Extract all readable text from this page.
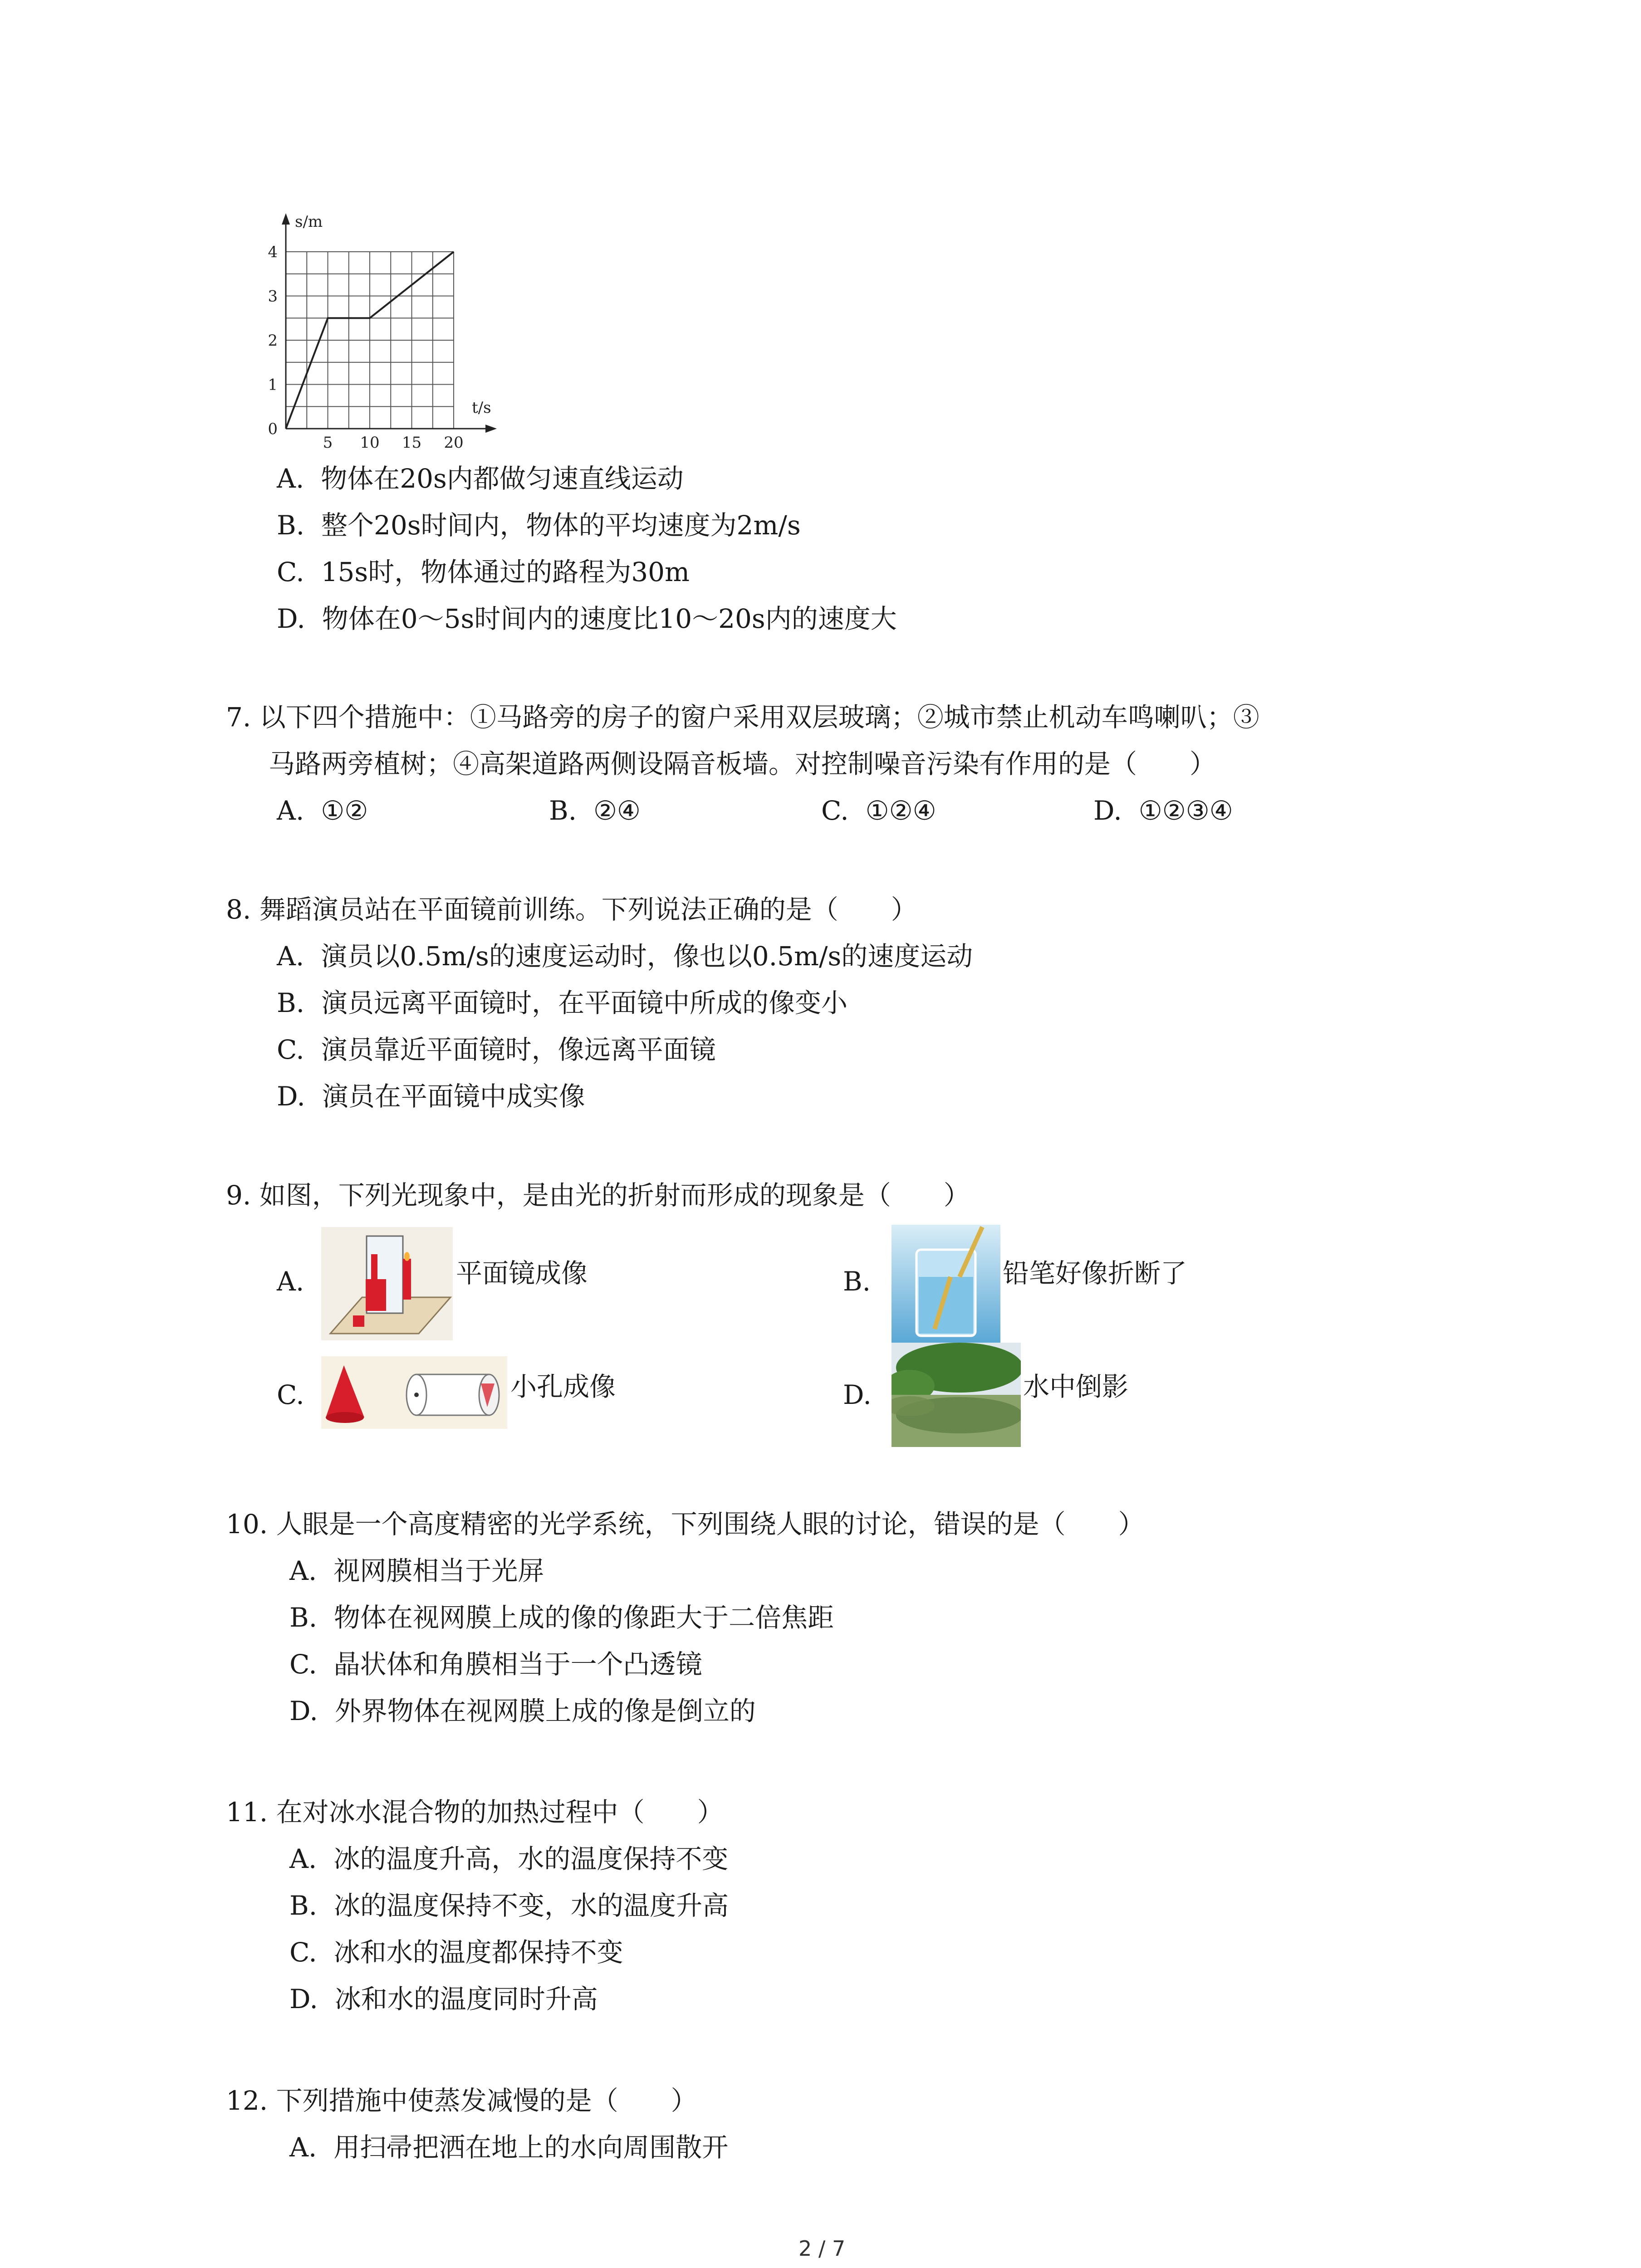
5 10 15 20
1
2
3
4
0
t/s
s/m
A. 物体在20s内都做匀速直线运动
B. 整个20s时间内，物体的平均速度为2m/s
C. 15s时，物体通过的路程为30m
D. 物体在0～5s时间内的速度比10～20s内的速度大
7. 以下四个措施中：①马路旁的房子的窗户采用双层玻璃；②城市禁止机动车鸣喇叭；③
马路两旁植树；④高架道路两侧设隔音板墙。对控制噪音污染有作用的是（　　）
A. ①②	B. ②④	C. ①②④	D. ①②③④
8. 舞蹈演员站在平面镜前训练。下列说法正确的是（　　）
A. 演员以0.5m/s的速度运动时，像也以0.5m/s的速度运动
B. 演员远离平面镜时，在平面镜中所成的像变小
C. 演员靠近平面镜时，像远离平面镜
D. 演员在平面镜中成实像
9. 如图，下列光现象中，是由光的折射而形成的现象是（　　）
A.	平面镜成像	B.	铅笔好像折断了
C.	小孔成像	D.	水中倒影
10. 人眼是一个高度精密的光学系统，下列围绕人眼的讨论，错误的是（　　）
A. 视网膜相当于光屏
B. 物体在视网膜上成的像的像距大于二倍焦距
C. 晶状体和角膜相当于一个凸透镜
D. 外界物体在视网膜上成的像是倒立的
11. 在对冰水混合物的加热过程中（　　）
A. 冰的温度升高，水的温度保持不变
B. 冰的温度保持不变，水的温度升高
C. 冰和水的温度都保持不变
D. 冰和水的温度同时升高
12. 下列措施中使蒸发减慢的是（　　）
A. 用扫帚把洒在地上的水向周围散开
2 / 7
